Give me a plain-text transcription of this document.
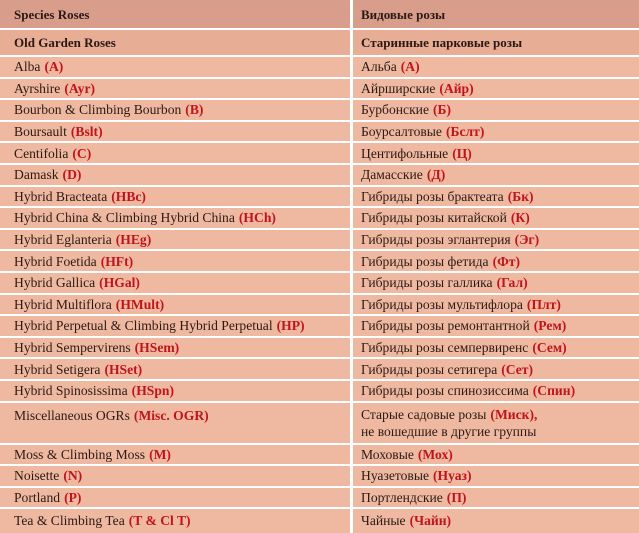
Species Roses
Old Garden Roses
Alba (A)
Ayrshire (Ayr)
Bourbon & Climbing Bourbon (B)
Boursault (Bslt)
Centifolia (C)
Damask (D)
Hybrid Bracteata (HBc)
Hybrid China & Climbing Hybrid China (HCh)
Hybrid Eglanteria (HEg)
Hybrid Foetida (HFt)
Hybrid Gallica (HGal)
Hybrid Multiflora (HMult)
Hybrid Perpetual & Climbing Hybrid Perpetual (HP)
Hybrid Sempervirens (HSem)
Hybrid Setigera (HSet)
Hybrid Spinosissima (HSpn)
Miscellaneous OGRs (Misc. OGR)
Moss & Climbing Moss (M)
Noisette (N)
Portland (P)
Tea & Climbing Tea (T & Cl T)
Видовые розы
Старинные парковые розы
Альба (А)
Айрширские (Айр)
Бурбонские (Б)
Боурсалтовые (Бслт)
Центифольные (Ц)
Дамасские (Д)
Гибриды розы брактеата (Бк)
Гибриды розы китайской (К)
Гибриды розы эглантерия (Эг)
Гибриды розы фетида (Фт)
Гибриды розы галлика (Гал)
Гибриды розы мультифлора (Плт)
Гибриды розы ремонтантной (Рем)
Гибриды розы семпервиренс (Сем)
Гибриды розы сетигера (Сет)
Гибриды розы спинозиссима (Спин)
Старые садовые розы (Миск),
не вошедшие в другие группы
Моховые (Мох)
Нуазетовые (Нуаз)
Портлендские (П)
Чайные (Чайн)
